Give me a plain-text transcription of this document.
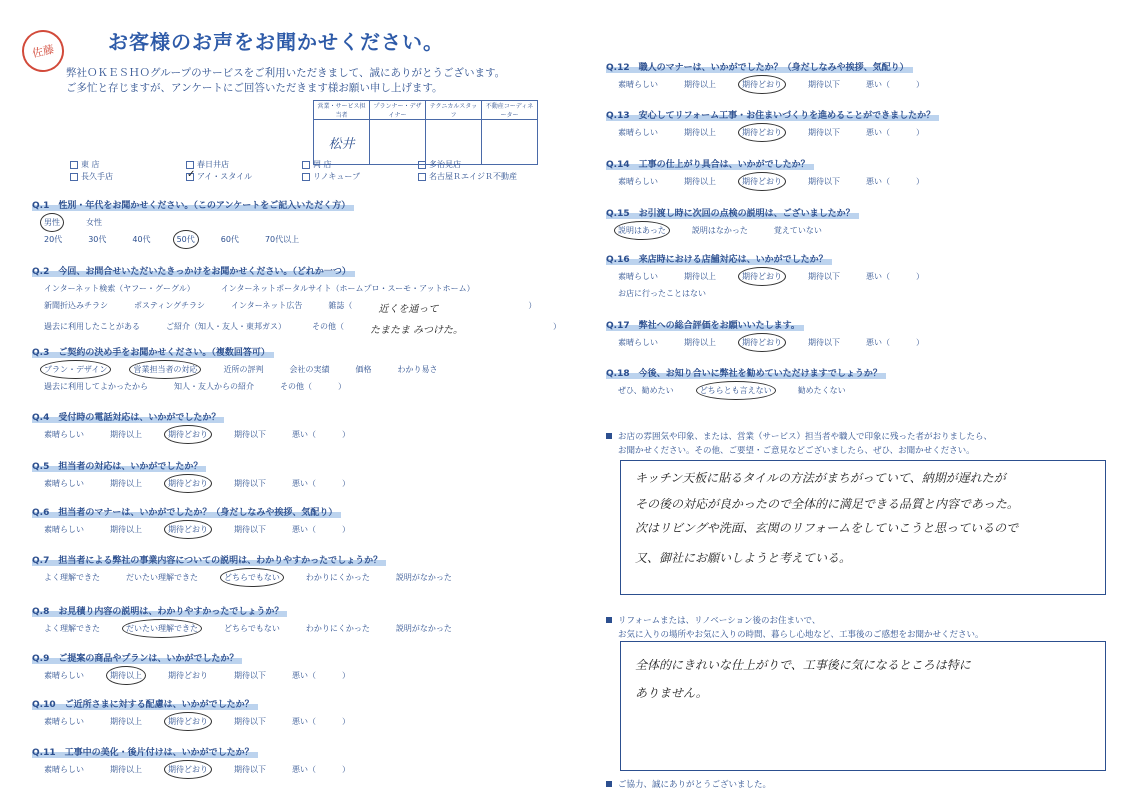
佐藤	お客様のお声をお聞かせください。
弊社ＯＫＥＳＨＯグループのサービスをご利用いただきまして、誠にありがとうございます。
ご多忙と存じますが、アンケートにご回答いただきます様お願い申し上げます。
営業・サービス担当者	プランナー・デザイナー	テクニカルスタッフ	不動産コーディネーター
松井			
東 店	春日井店	岡 店	多治見店
長久手店	✓ アイ・スタイル	リノキューブ	名古屋ＲエイジＲ不動産
Q.1　性別・年代をお聞かせください。（このアンケートをご記入いただく方）
男性	女性
20代	30代	40代	50代	60代	70代以上
Q.2　今回、お問合せいただいたきっかけをお聞かせください。（どれか一つ）
インターネット検索（ヤフー・グーグル）	インターネットポータルサイト（ホームプロ・スーモ・アットホーム）
新聞折込みチラシ	ポスティングチラシ	インターネット広告	雑誌（	近くを通って	）
過去に利用したことがある	ご紹介（知人・友人・東邦ガス）	その他（	たまたま みつけた。	）
Q.3　ご契約の決め手をお聞かせください。（複数回答可）
プラン・デザイン	営業担当者の対応	近所の評判	会社の実績	価格	わかり易さ
過去に利用してよかったから	知人・友人からの紹介	その他（	）
Q.4　受付時の電話対応は、いかがでしたか？
素晴らしい	期待以上	期待どおり	期待以下	悪い（	）
Q.5　担当者の対応は、いかがでしたか？
素晴らしい	期待以上	期待どおり	期待以下	悪い（	）
Q.6　担当者のマナーは、いかがでしたか？（身だしなみや挨拶、気配り）
素晴らしい	期待以上	期待どおり	期待以下	悪い（	）
Q.7　担当者による弊社の事業内容についての説明は、わかりやすかったでしょうか？
よく理解できた	だいたい理解できた	どちらでもない	わかりにくかった	説明がなかった
Q.8　お見積り内容の説明は、わかりやすかったでしょうか？
よく理解できた	だいたい理解できた	どちらでもない	わかりにくかった	説明がなかった
Q.9　ご提案の商品やプランは、いかがでしたか？
素晴らしい	期待以上	期待どおり	期待以下	悪い（	）
Q.10　ご近所さまに対する配慮は、いかがでしたか？
素晴らしい	期待以上	期待どおり	期待以下	悪い（	）
Q.11　工事中の美化・後片付けは、いかがでしたか？
素晴らしい	期待以上	期待どおり	期待以下	悪い（	）
Q.12　職人のマナーは、いかがでしたか？（身だしなみや挨拶、気配り）
素晴らしい	期待以上	期待どおり	期待以下	悪い（	）
Q.13　安心してリフォーム工事・お住まいづくりを進めることができましたか？
素晴らしい	期待以上	期待どおり	期待以下	悪い（	）
Q.14　工事の仕上がり具合は、いかがでしたか？
素晴らしい	期待以上	期待どおり	期待以下	悪い（	）
Q.15　お引渡し時に次回の点検の説明は、ございましたか？
説明はあった	説明はなかった	覚えていない
Q.16　来店時における店舗対応は、いかがでしたか？
素晴らしい	期待以上	期待どおり	期待以下	悪い（	）
お店に行ったことはない
Q.17　弊社への総合評価をお願いいたします。
素晴らしい	期待以上	期待どおり	期待以下	悪い（	）
Q.18　今後、お知り合いに弊社を勧めていただけますでしょうか？
ぜひ、勧めたい	どちらとも言えない	勧めたくない
お店の雰囲気や印象、または、営業（サービス）担当者や職人で印象に残った者がおりましたら、
お聞かせください。その他、ご要望・ご意見などございましたら、ぜひ、お聞かせください。
キッチン天板に貼るタイルの方法がまちがっていて、納期が遅れたが
その後の対応が良かったので全体的に満足できる品質と内容であった。
次はリビングや洗面、玄関のリフォームをしていこうと思っているので
又、御社にお願いしようと考えている。
リフォームまたは、リノベーション後のお住まいで、
お気に入りの場所やお気に入りの時間、暮らし心地など、工事後のご感想をお聞かせください。
全体的にきれいな仕上がりで、工事後に気になるところは特に
ありません。
ご協力、誠にありがとうございました。
